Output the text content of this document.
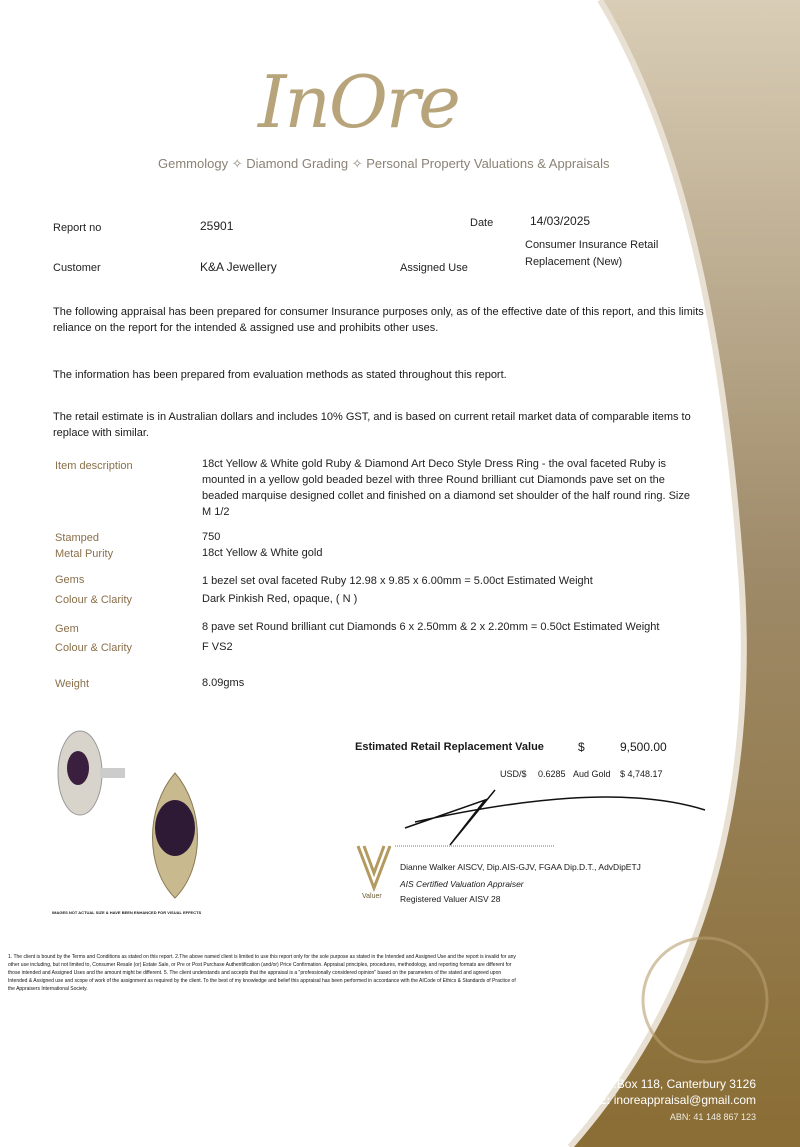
InOre
Gemmology ✧ Diamond Grading ✧ Personal Property Valuations & Appraisals
Report no	25901	Date	14/03/2025
Customer	K&A Jewellery	Assigned Use
Consumer Insurance Retail Replacement (New)

The following appraisal has been prepared for consumer Insurance purposes only, as of the effective date of this report, and this limits reliance on the report for the intended & assigned use and prohibits other uses.

The information has been prepared from evaluation methods as stated throughout this report.

The retail estimate is in Australian dollars and includes 10% GST, and is based on current retail market data of comparable items to replace with similar.

Item description	18ct Yellow & White gold Ruby & Diamond Art Deco Style Dress Ring - the oval faceted Ruby is mounted in a yellow gold beaded bezel with three Round brilliant cut Diamonds pave set on the beaded marquise designed collet and finished on a diamond set shoulder of the half round ring. Size M 1/2
Stamped	750
Metal Purity	18ct Yellow & White gold
Gems	1 bezel set oval faceted Ruby 12.98 x 9.85 x 6.00mm = 5.00ct Estimated Weight
Colour & Clarity	Dark Pinkish Red, opaque, ( N )
Gem	8 pave set Round brilliant cut Diamonds 6 x 2.50mm & 2 x 2.20mm = 0.50ct Estimated Weight
Colour & Clarity	F VS2
Weight	8.09gms
IMAGES NOT ACTUAL SIZE & HAVE BEEN ENHANCED FOR VISUAL EFFECTS
Estimated Retail Replacement Value	$	9,500.00
USD/$ 0.6285 Aud Gold $ 4,748.17
Valuer
Dianne Walker AISCV, Dip.AIS-GJV, FGAA Dip.D.T., AdvDipETJ
AIS Certified Valuation Appraiser
Registered Valuer AISV 28

1. The client is bound by the Terms and Conditions as stated on this report. 2.The above named client is limited to use this report only for the sole purpose as stated in the Intended and Assigned Use and the report is invalid for any other use including, but not limited to, Consumer Resale (or) Estate Sale, or Pre or Post Purchase Authentification (and/or) Price Confirmation. Appraisal principles, procedures, methodology, and reporting formats are different for those intended and Assigned Uses and the amount might be different. 5. The client understands and accepts that the appraisal is a "professionally considered opinion" based on the parameters of the stated and agreed upon Intended & Assigned use and scope of work of the assignment as required by the client. To the best of my knowledge and belief this appraisal has been performed in accordance with the AICode of Ethics & Standards of Practice of the Appraisers International Society.

P.O.Box 118, Canterbury 3126
E: inoreappraisal@gmail.com
ABN: 41 148 867 123
